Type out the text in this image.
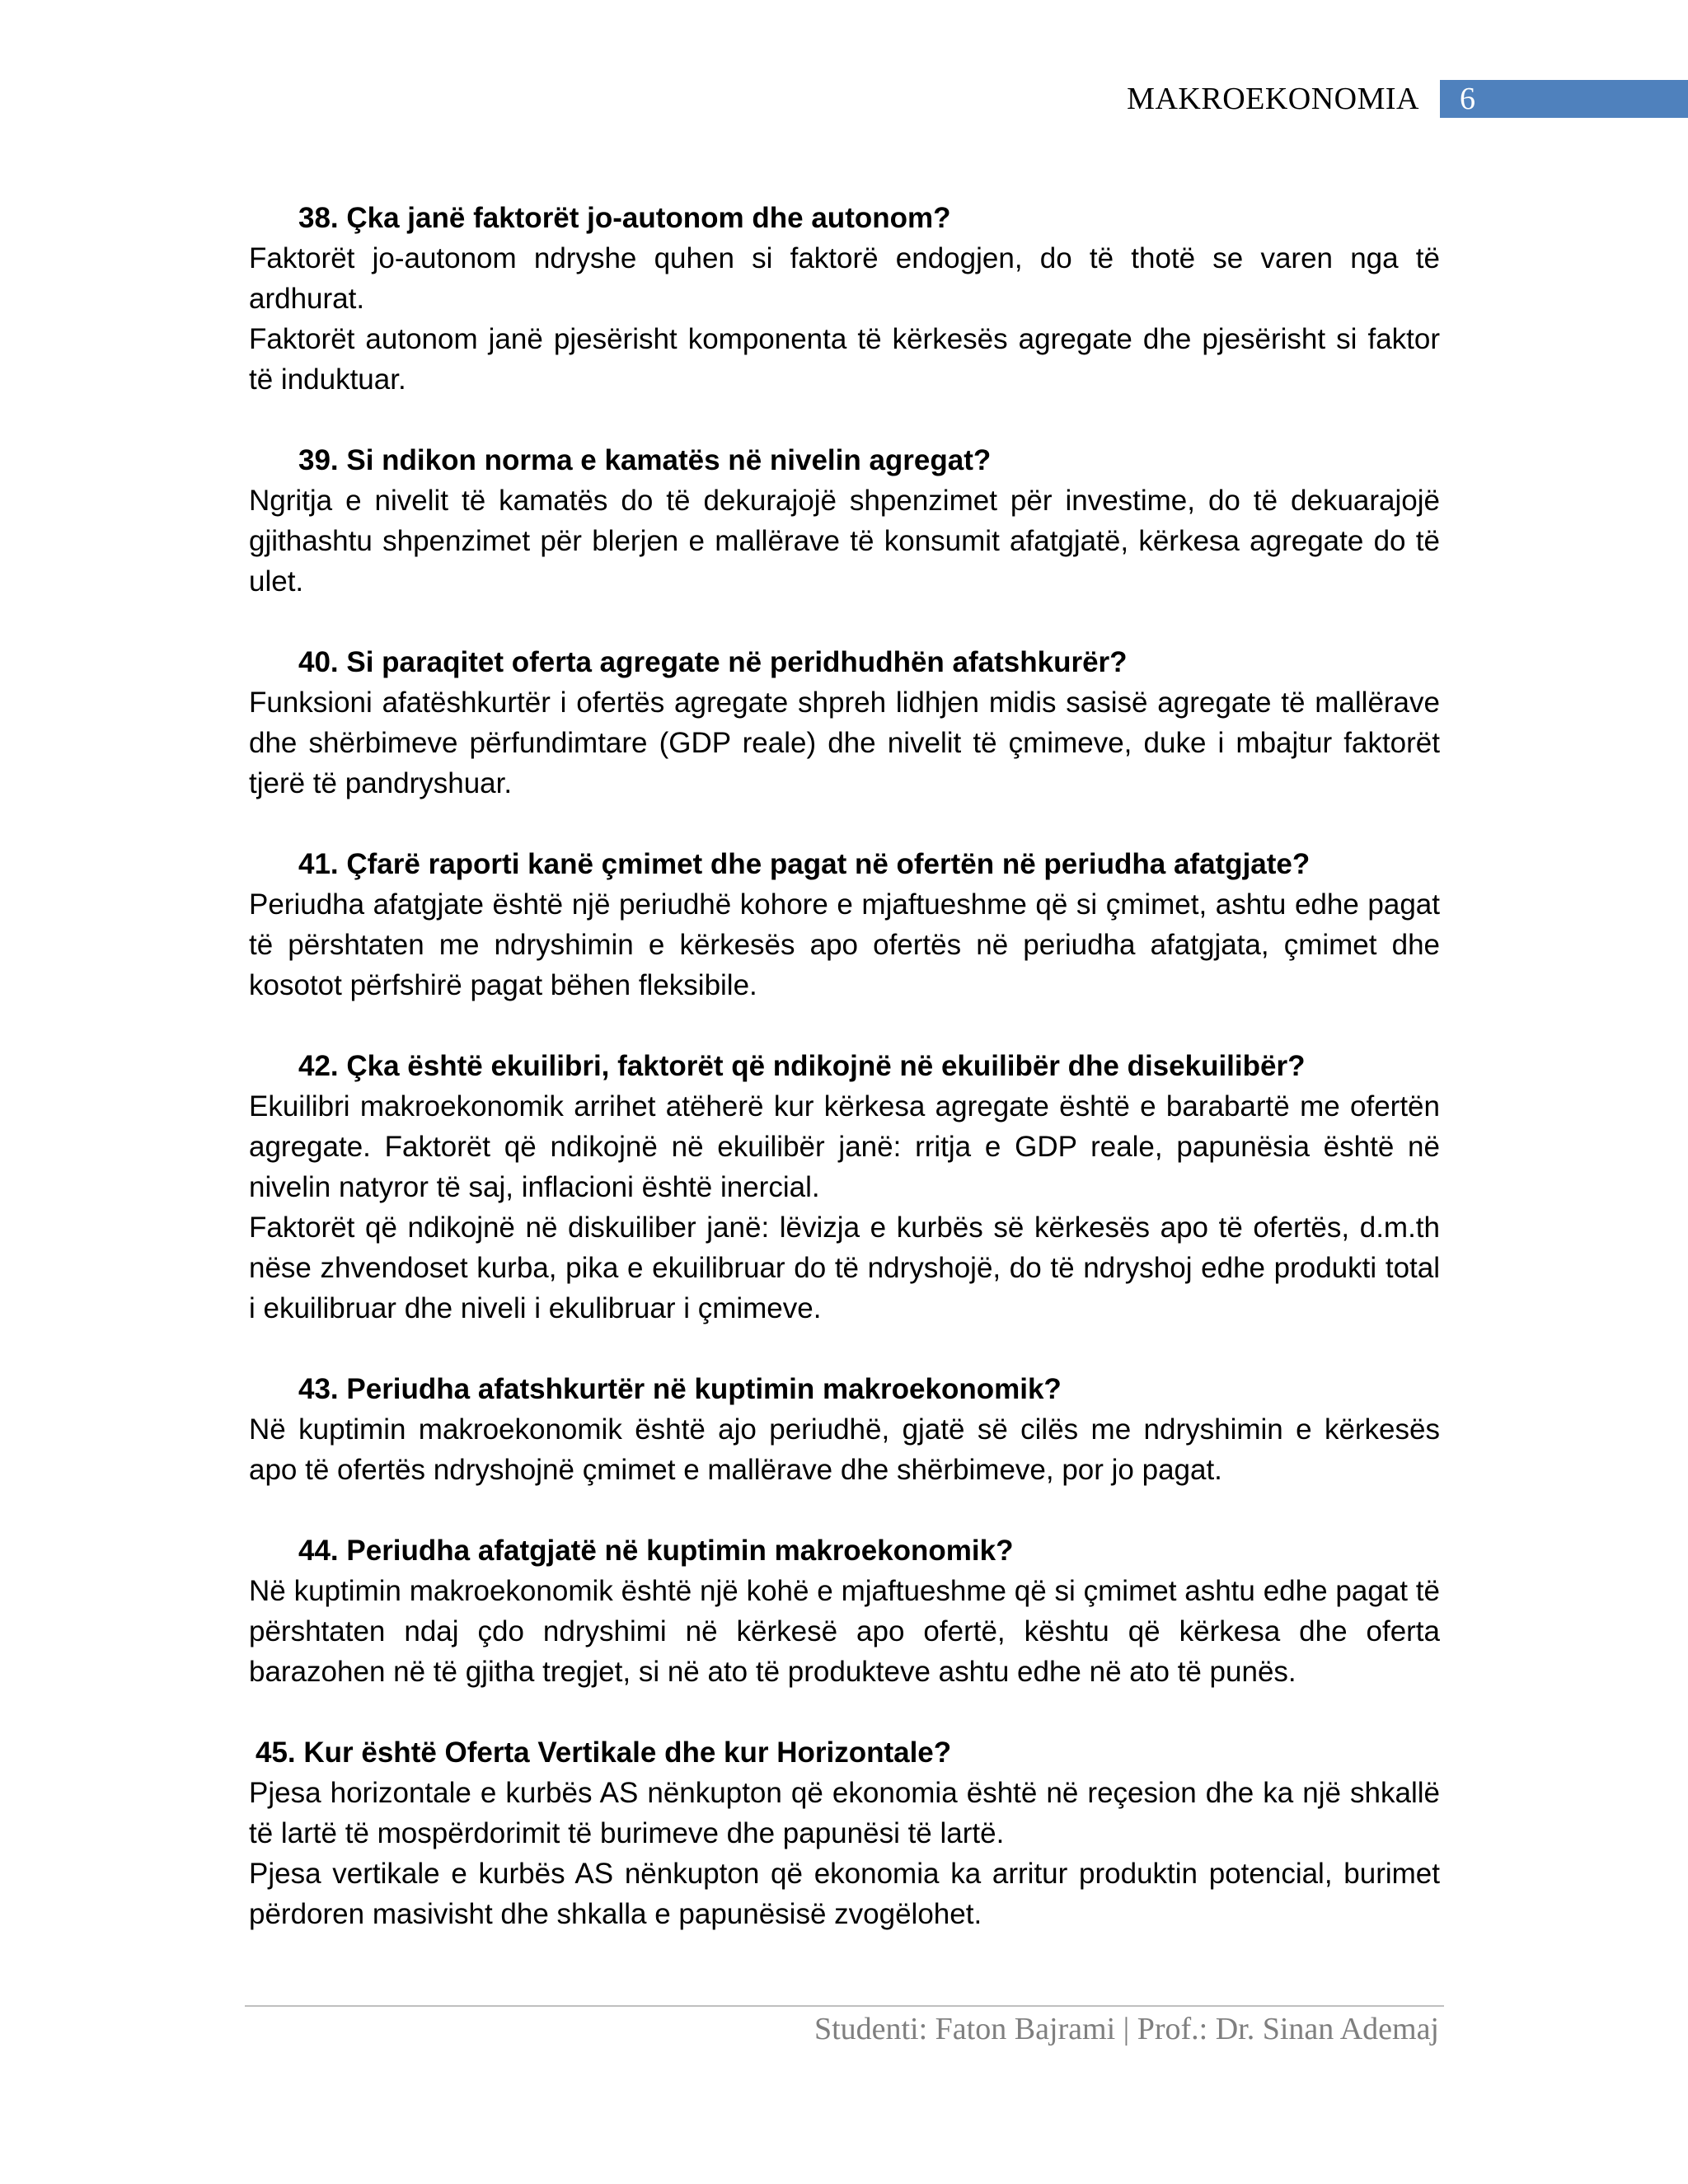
MAKROEKONOMIA	6
38. Çka janë faktorët jo-autonom dhe autonom?
Faktorët jo-autonom ndryshe quhen si faktorë endogjen, do të thotë se varen nga të ardhurat.
Faktorët autonom janë pjesërisht komponenta të kërkesës agregate dhe pjesërisht si faktor të induktuar.
39. Si ndikon norma e kamatës në nivelin agregat?
Ngritja e nivelit të kamatës do të dekurajojë shpenzimet për investime, do të dekuarajojë gjithashtu shpenzimet për blerjen e mallërave të konsumit afatgjatë, kërkesa agregate do të ulet.
40. Si paraqitet oferta agregate në peridhudhën afatshkurër?
Funksioni afatëshkurtër i ofertës agregate shpreh lidhjen midis sasisë agregate të mallërave dhe shërbimeve përfundimtare (GDP reale) dhe nivelit të çmimeve, duke i mbajtur faktorët tjerë të pandryshuar.
41. Çfarë raporti kanë çmimet dhe pagat në ofertën në periudha afatgjate?
Periudha afatgjate është një periudhë kohore e mjaftueshme që si çmimet, ashtu edhe pagat të përshtaten me ndryshimin e kërkesës apo ofertës në periudha afatgjata, çmimet dhe kosotot përfshirë pagat bëhen fleksibile.
42. Çka është ekuilibri, faktorët që ndikojnë në ekuilibër dhe disekuilibër?
Ekuilibri makroekonomik arrihet atëherë kur kërkesa agregate është e barabartë me ofertën agregate. Faktorët që ndikojnë në ekuilibër janë: rritja e GDP reale, papunësia është në nivelin natyror të saj, inflacioni është inercial.
Faktorët që ndikojnë në diskuiliber janë: lëvizja e kurbës së kërkesës apo të ofertës, d.m.th nëse zhvendoset kurba, pika e ekuilibruar do të ndryshojë, do të ndryshoj edhe produkti total i ekuilibruar dhe niveli i ekulibruar i çmimeve.
43. Periudha afatshkurtër në kuptimin makroekonomik?
Në kuptimin makroekonomik është ajo periudhë, gjatë së cilës me ndryshimin e kërkesës apo të ofertës ndryshojnë çmimet e mallërave dhe shërbimeve, por jo pagat.
44. Periudha afatgjatë në kuptimin makroekonomik?
Në kuptimin makroekonomik është një kohë e mjaftueshme që si çmimet ashtu edhe pagat të përshtaten ndaj çdo ndryshimi në kërkesë apo ofertë, kështu që kërkesa dhe oferta barazohen në të gjitha tregjet, si në ato të produkteve ashtu edhe në ato të punës.
45. Kur është Oferta Vertikale dhe kur Horizontale?
Pjesa horizontale e kurbës AS nënkupton që ekonomia është në reçesion dhe ka një shkallë të lartë të mospërdorimit të burimeve dhe papunësi të lartë.
Pjesa vertikale e kurbës AS nënkupton që ekonomia ka arritur produktin potencial, burimet përdoren masivisht dhe shkalla e papunësisë zvogëlohet.
Studenti: Faton Bajrami | Prof.: Dr. Sinan Ademaj
